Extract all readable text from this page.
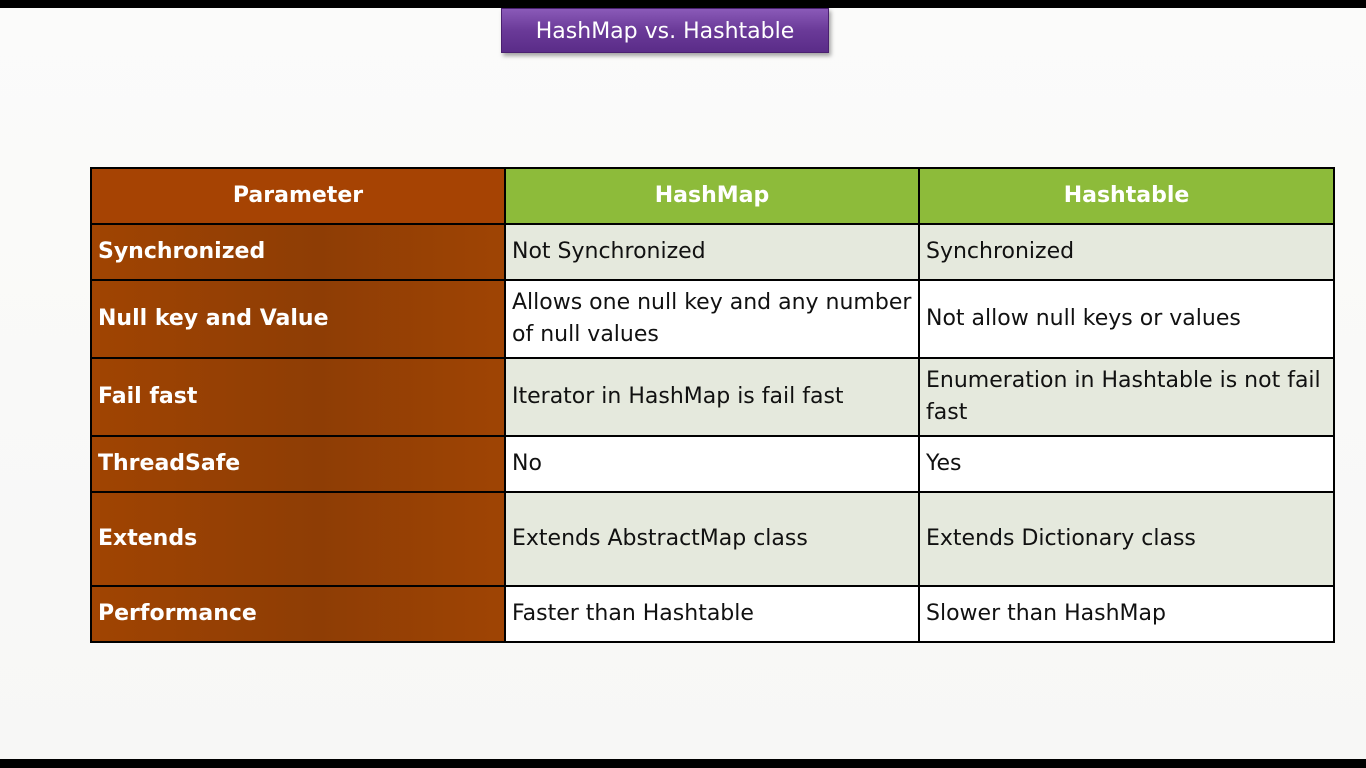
HashMap vs. Hashtable
Parameter	HashMap	Hashtable
Synchronized	Not Synchronized	Synchronized
Null key and Value	Allows one null key and any number of null values	Not allow null keys or values
Fail fast	Iterator in HashMap is fail fast	Enumeration in Hashtable is not fail fast
ThreadSafe	No	Yes
Extends	Extends AbstractMap class	Extends Dictionary class
Performance	Faster than Hashtable	Slower than HashMap
